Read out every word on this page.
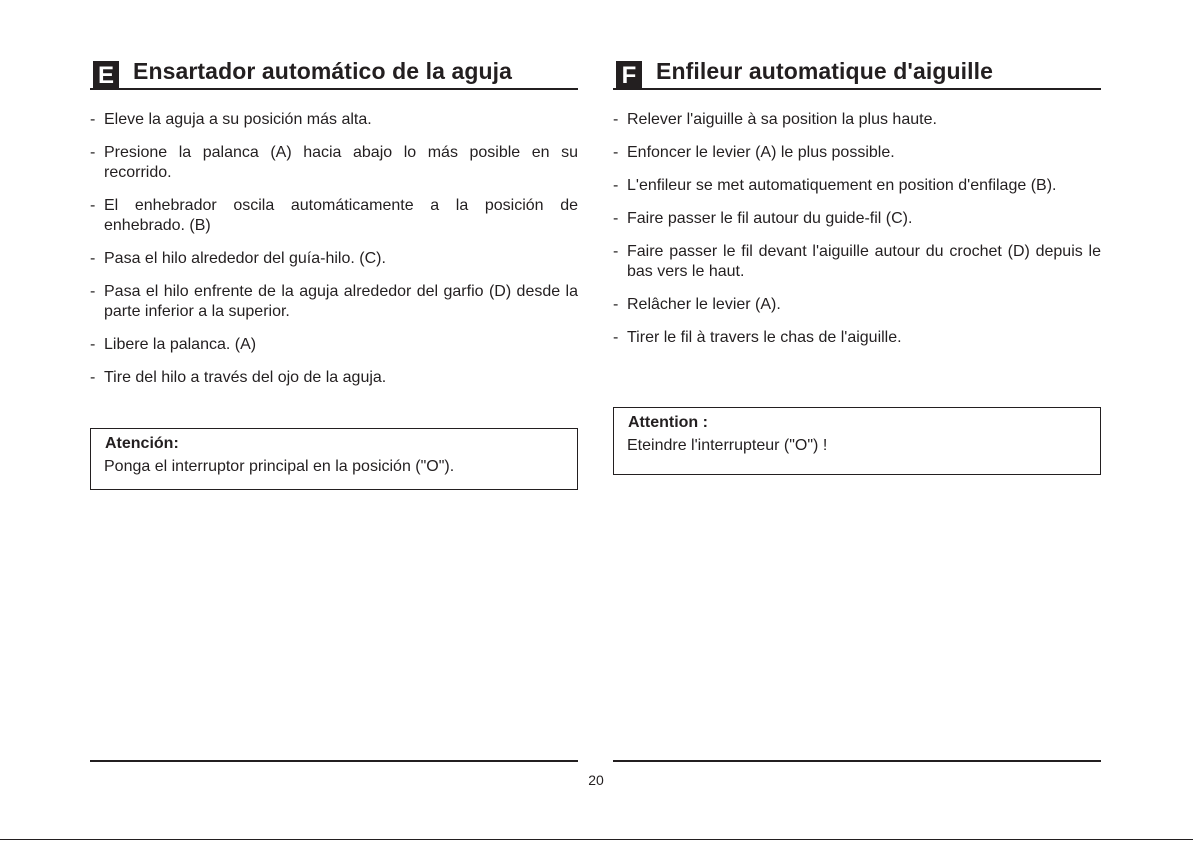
E Ensartador automático de la aguja
- Eleve la aguja a su posición más alta.
- Presione la palanca (A) hacia abajo lo más posible en su recorrido.
- El enhebrador oscila automáticamente a la posición de enhebrado. (B)
- Pasa el hilo alrededor del guía-hilo. (C).
- Pasa el hilo enfrente de la aguja alrededor del garfio (D) desde la parte inferior a la superior.
- Libere la palanca. (A)
- Tire del hilo a través del ojo de la aguja.
Atención:
Ponga el interruptor principal en la posición ("O").
F Enfileur automatique d'aiguille
- Relever l'aiguille à sa position la plus haute.
- Enfoncer le levier (A) le plus possible.
- L'enfileur se met automatiquement en position d'enfilage (B).
- Faire passer le fil autour du guide-fil (C).
- Faire passer le fil devant l'aiguille autour du crochet (D) depuis le bas vers le haut.
- Relâcher le levier (A).
- Tirer le fil à travers le chas de l'aiguille.
Attention :
Eteindre l'interrupteur ("O") !
20
